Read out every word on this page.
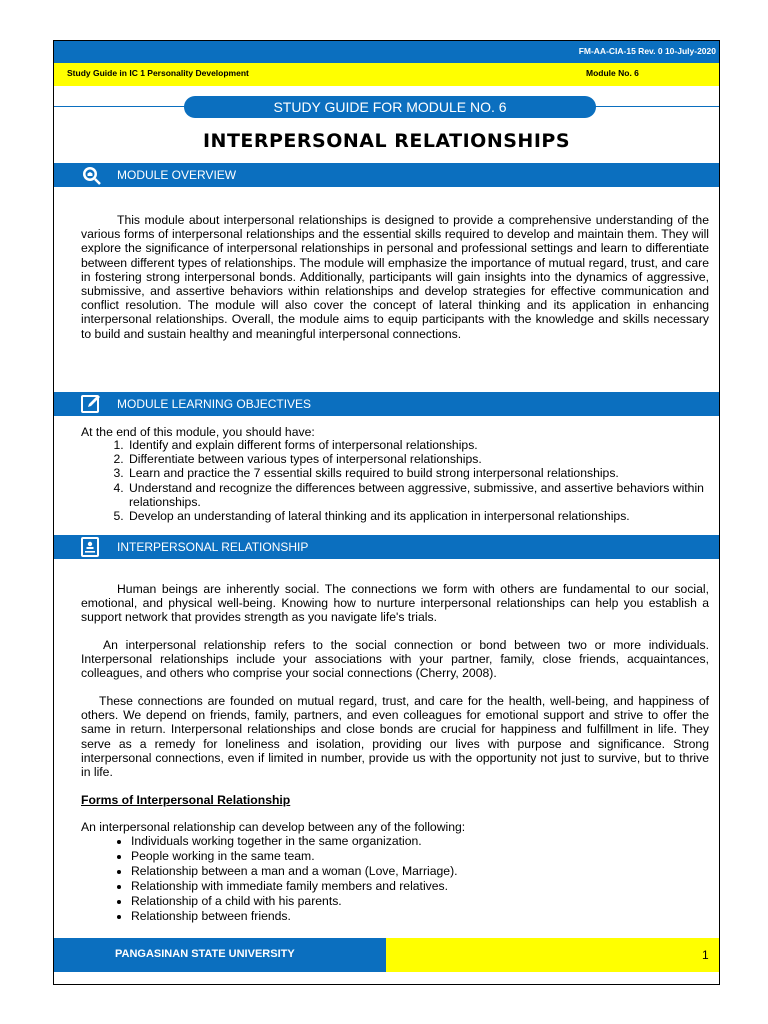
FM-AA-CIA-15 Rev. 0 10-July-2020
Study Guide in IC 1 Personality Development	Module No. 6
STUDY GUIDE FOR MODULE NO. 6
INTERPERSONAL RELATIONSHIPS
MODULE OVERVIEW

This module about interpersonal relationships is designed to provide a comprehensive understanding of the various forms of interpersonal relationships and the essential skills required to develop and maintain them. They will explore the significance of interpersonal relationships in personal and professional settings and learn to differentiate between different types of relationships. The module will emphasize the importance of mutual regard, trust, and care in fostering strong interpersonal bonds. Additionally, participants will gain insights into the dynamics of aggressive, submissive, and assertive behaviors within relationships and develop strategies for effective communication and conflict resolution. The module will also cover the concept of lateral thinking and its application in enhancing interpersonal relationships. Overall, the module aims to equip participants with the knowledge and skills necessary to build and sustain healthy and meaningful interpersonal connections.

MODULE LEARNING OBJECTIVES

At the end of this module, you should have:

1. Identify and explain different forms of interpersonal relationships.
2. Differentiate between various types of interpersonal relationships.
3. Learn and practice the 7 essential skills required to build strong interpersonal relationships.
4. Understand and recognize the differences between aggressive, submissive, and assertive behaviors within relationships.
5. Develop an understanding of lateral thinking and its application in interpersonal relationships.
INTERPERSONAL RELATIONSHIP

Human beings are inherently social. The connections we form with others are fundamental to our social, emotional, and physical well-being. Knowing how to nurture interpersonal relationships can help you establish a support network that provides strength as you navigate life's trials.

An interpersonal relationship refers to the social connection or bond between two or more individuals. Interpersonal relationships include your associations with your partner, family, close friends, acquaintances, colleagues, and others who comprise your social connections (Cherry, 2008).

These connections are founded on mutual regard, trust, and care for the health, well-being, and happiness of others. We depend on friends, family, partners, and even colleagues for emotional support and strive to offer the same in return. Interpersonal relationships and close bonds are crucial for happiness and fulfillment in life. They serve as a remedy for loneliness and isolation, providing our lives with purpose and significance. Strong interpersonal connections, even if limited in number, provide us with the opportunity not just to survive, but to thrive in life.

Forms of Interpersonal Relationship

An interpersonal relationship can develop between any of the following:

• Individuals working together in the same organization.
• People working in the same team.
• Relationship between a man and a woman (Love, Marriage).
• Relationship with immediate family members and relatives.
• Relationship of a child with his parents.
• Relationship between friends.
PANGASINAN STATE UNIVERSITY	1
